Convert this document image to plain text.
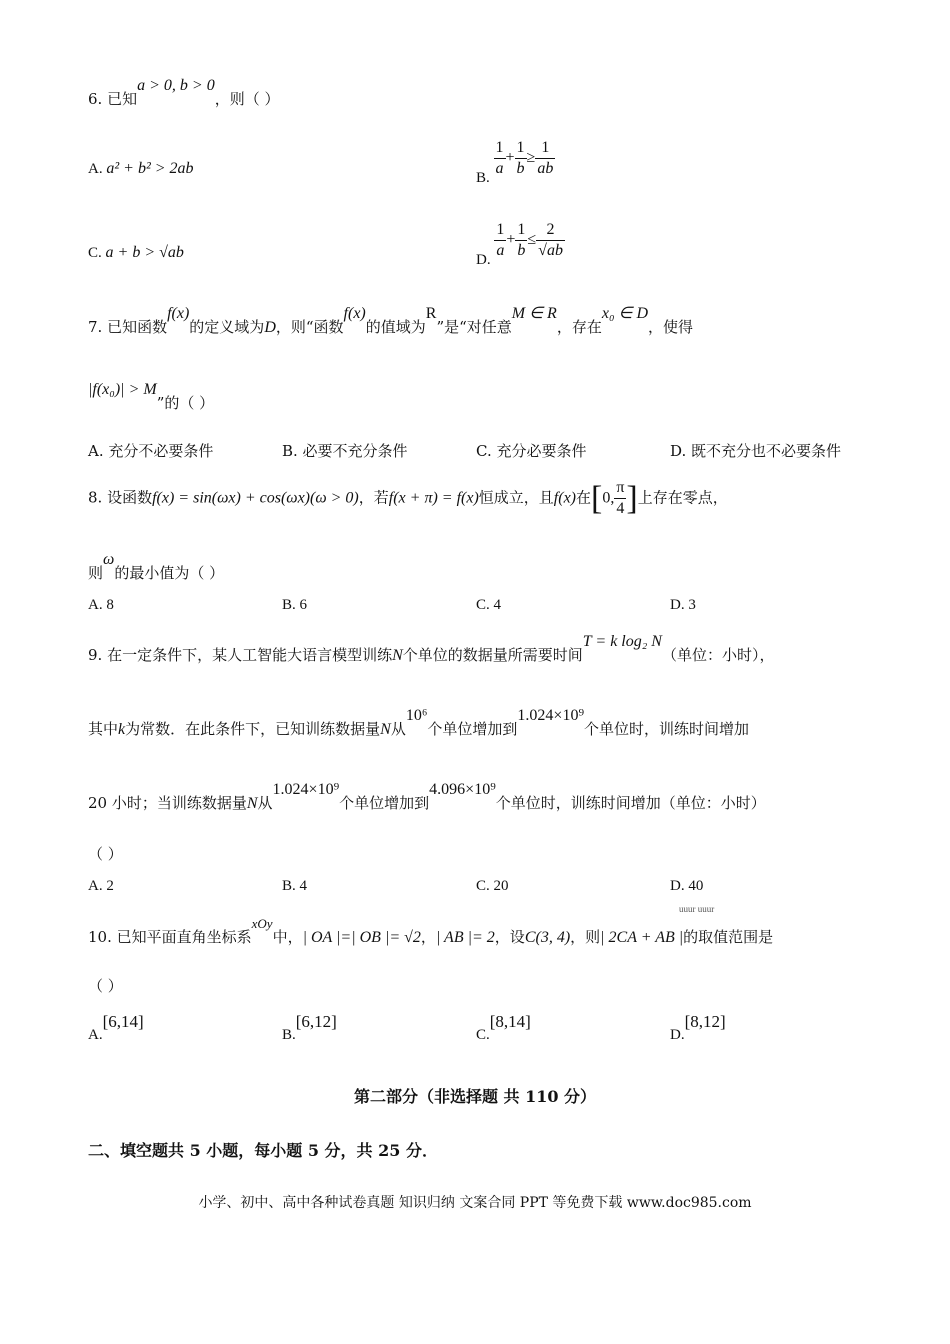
6. 已知a > 0, b > 0，则（ ）
A. a² + b² > 2ab
B. $\frac{1}{a} + \frac{1}{b} \ge \frac{1}{ab}$
C. a + b > √ab	D. $\frac{1}{a} + \frac{1}{b} \le \frac{2}{√ab}$
7. 已知函数f(x)的定义域为D，则“函数f(x)的值域为R”是“对任意M ∈ R，存在x₀ ∈ D，使得
|f(x₀)| > M”的（ ）
A. 充分不必要条件	B. 必要不充分条件	C. 充分必要条件	D. 既不充分也不必要条件
8. 设函数f(x) = sin(ωx) + cos(ωx)(ω > 0)，若f(x + π) = f(x)恒成立，且f(x)在[0, $\frac{\pi}{4}$ ]上存在零点，
则ω的最小值为（ ）
A. 8	B. 6	C. 4	D. 3
9. 在一定条件下，某人工智能大语言模型训练N个单位的数据量所需要时间T = k log₂ N（单位：小时），
其中k为常数．在此条件下，已知训练数据量N从10⁶个单位增加到1.024×10⁹个单位时，训练时间增加
20 小时；当训练数据量N从1.024×10⁹个单位增加到4.096×10⁹个单位时，训练时间增加（单位：小时）
（ ）
A. 2	B. 4	C. 20	D. 40
uuur uuur
10. 已知平面直角坐标系xOy中，| OA |=| OB |= √2，| AB |= 2，设C(3, 4)，则| 2CA + AB |的取值范围是
（ ）
A.[6,14]
B.[6,12]
C.[8,14]
D.[8,12]
第二部分（非选择题 共 110 分）
二、填空题共 5 小题，每小题 5 分，共 25 分．
小学、初中、高中各种试卷真题 知识归纳 文案合同 PPT 等免费下载 www.doc985.com
